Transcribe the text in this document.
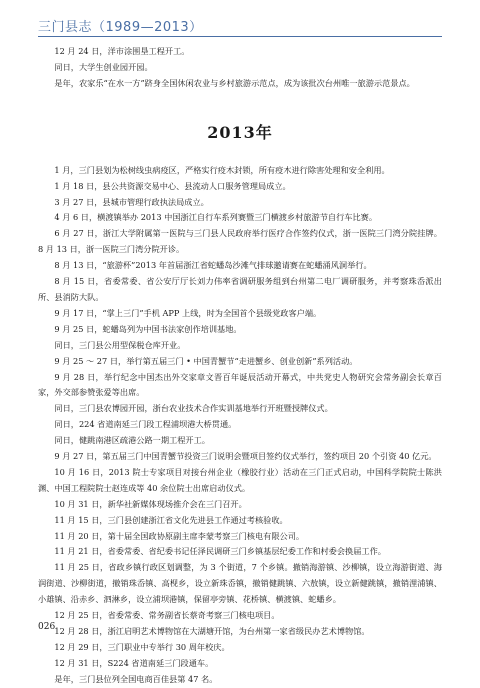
三门县志（1989—2013）

12 月 24 日，洋市涂围垦工程开工。

同日，大学生创业园开园。

是年，农家乐“在水一方”跻身全国休闲农业与乡村旅游示范点，成为该批次台州唯一旅游示范景点。

2013年

1 月，三门县划为松树线虫病疫区，严格实行疫木封锁，所有疫木进行除害处理和安全利用。

1 月 18 日，县公共资源交易中心、县流动人口服务管理局成立。

3 月 27 日，县城市管理行政执法局成立。

4 月 6 日，横渡镇举办 2013 中国浙江自行车系列赛暨三门横渡乡村旅游节自行车比赛。

6 月 27 日，浙江大学附属第一医院与三门县人民政府举行医疗合作签约仪式，浙一医院三门湾分院挂牌。8 月 13 日，浙一医院三门湾分院开诊。

8 月 13 日，“旅游杯”2013 年首届浙江省蛇蟠岛沙滩气排球邀请赛在蛇蟠涌风洞举行。

8 月 15 日，省委常委、省公安厅厅长刘力伟率省调研服务组到台州第二电厂调研服务，并考察珠岙派出所、县消防大队。

9 月 17 日，“掌上三门”手机 APP 上线，时为全国首个县级党政客户端。

9 月 25 日，蛇蟠岛列为中国书法家创作培训基地。

同日，三门县公用型保税仓库开业。

9 月 25 ～ 27 日，举行第五届三门 • 中国青蟹节“走进蟹乡、创业创新”系列活动。

9 月 28 日，举行纪念中国杰出外交家章文晋百年诞辰活动开幕式，中共党史人物研究会常务副会长章百家，外交部参赞张爱等出席。

同日，三门县农博园开园，浙台农业技术合作实训基地举行开班暨授牌仪式。

同日，224 省道南延三门段工程浦坝港大桥贯通。

同日，健跳南港区疏港公路一期工程开工。

9 月 27 日，第五届三门中国青蟹节投资三门说明会暨项目签约仪式举行，签约项目 20 个引资 40 亿元。

10 月 16 日，2013 院士专家项目对接台州企业（橡胶行业）活动在三门正式启动，中国科学院院士陈洪渊、中国工程院院士赵连成等 40 余位院士出席启动仪式。

10 月 31 日，新华社新媒体现场推介会在三门召开。

11 月 15 日，三门县创建浙江省文化先进县工作通过考核验收。

11 月 20 日，第十届全国政协原副主席李蒙考察三门核电有限公司。

11 月 21 日，省委常委、省纪委书记任泽民调研三门乡镇基层纪委工作和村委会换届工作。

11 月 25 日，省政乡镇行政区划调整，为 3 个街道，7 个乡镇。撤销海游镇、沙柳镇，设立海游街道、海润街道、沙柳街道，撤销珠岙镇、高枧乡，设立新珠岙镇，撤销健跳镇、六敖镇，设立新健跳镇，撤销浬浦镇、小雄镇、沿赤乡、泗淋乡，设立浦坝港镇，保留亭旁镇、花桥镇、横渡镇、蛇蟠乡。

12 月 25 日，省委常委、常务副省长蔡奇考察三门核电项目。

12 月 28 日，浙江启明艺术博物馆在大湖塘开馆，为台州第一家省级民办艺术博物馆。

12 月 29 日，三门职业中专举行 30 周年校庆。

12 月 31 日，S224 省道南延三门段通车。

是年，三门县位列全国电商百佳县第 47 名。

026
